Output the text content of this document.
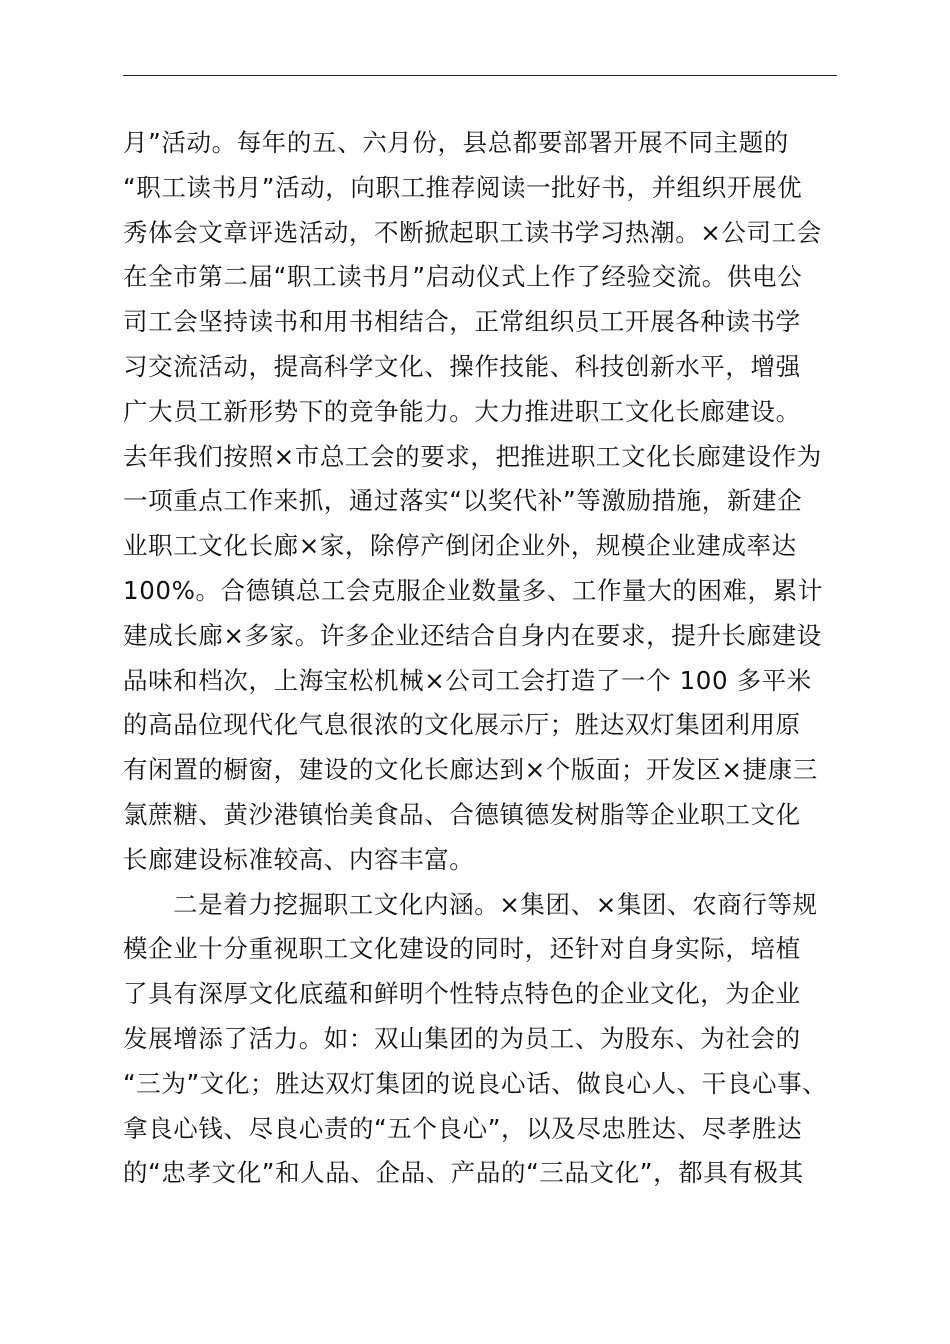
月”活动。每年的五、六月份，县总都要部署开展不同主题的
“职工读书月”活动，向职工推荐阅读一批好书，并组织开展优
秀体会文章评选活动，不断掀起职工读书学习热潮。×公司工会
在全市第二届“职工读书月”启动仪式上作了经验交流。供电公
司工会坚持读书和用书相结合，正常组织员工开展各种读书学
习交流活动，提高科学文化、操作技能、科技创新水平，增强
广大员工新形势下的竞争能力。大力推进职工文化长廊建设。
去年我们按照×市总工会的要求，把推进职工文化长廊建设作为
一项重点工作来抓，通过落实“以奖代补”等激励措施，新建企
业职工文化长廊×家，除停产倒闭企业外，规模企业建成率达
100%。合德镇总工会克服企业数量多、工作量大的困难，累计
建成长廊×多家。许多企业还结合自身内在要求，提升长廊建设
品味和档次，上海宝松机械×公司工会打造了一个 100 多平米
的高品位现代化气息很浓的文化展示厅；胜达双灯集团利用原
有闲置的橱窗，建设的文化长廊达到×个版面；开发区×捷康三
氯蔗糖、黄沙港镇怡美食品、合德镇德发树脂等企业职工文化
长廊建设标准较高、内容丰富。
二是着力挖掘职工文化内涵。×集团、×集团、农商行等规
模企业十分重视职工文化建设的同时，还针对自身实际，培植
了具有深厚文化底蕴和鲜明个性特点特色的企业文化，为企业
发展增添了活力。如：双山集团的为员工、为股东、为社会的
“三为”文化；胜达双灯集团的说良心话、做良心人、干良心事、
拿良心钱、尽良心责的“五个良心”，以及尽忠胜达、尽孝胜达
的“忠孝文化”和人品、企品、产品的“三品文化”，都具有极其
